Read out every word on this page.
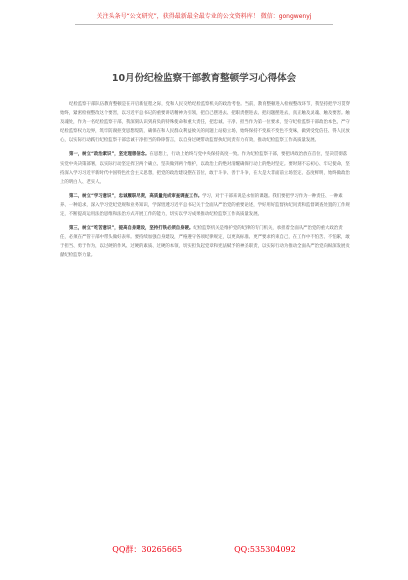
关注头条号“公文研究”，获得最新最全最专业的公文资料库！ 微信：gongwenyj
10月份纪检监察干部教育整顿学习心得体会

纪检监察干部队伍教育整顿是在开启新征程之际，党和人民交给纪检监察机关的政治考卷。当前，教育整顿进入检视整改环节，我坚持把学习贯穿始终，紧密检视整改这个要害，以习近平总书记的重要讲话精神为引领，把自己摆进去、把职责摆进去、把问题摆进去，真正触及灵魂、触及要害。触及魂处，作为一名纪检监察干部，我深刻认识到肩负的特殊使命和重大责任，把忠诚、干净、担当作为第一位要求，坚守纪检监察干部政治本色，严守纪检监察权力边界，筑牢防腐拒变思想堤防，确保在和人民群众利益攸关的问题上站稳立场，始终保持不变质不变色不变味，做到受党信任、得人民放心，以实际行动践行纪检监察干部忠诚干净担当的铮铮誓言，以自身过硬带动监督执纪问责有力有效，推动纪检监察工作高质量发展。

第一，树立“政治素识”，坚定理想信念。在思想上，行动上始终与党中央保持高度一致。作为纪检监察干部，要把讲政治放在首位，坚决贯彻落实党中央决策部署，以实际行动坚定捍卫两个确立、坚决做到两个维护，以政治上的绝对清醒确保行动上的绝对坚定。要时刻不忘初心、牢记使命，坚持深入学习习近平新时代中国特色社会主义思想，把党的政治建设摆在首位，敢于斗争、善于斗争，在大是大非面前立场坚定、态度鲜明，始终做政治上的明白人、老实人。

第二，树立“学习意识”，忠诚履职尽责，高质量完成审查调查工作。学习，对于干部来说是永恒的课题。我们要把学习作为一种责任、一种素养、一种追求，深入学习党纪党规和业务知识，学深悟透习近平总书记关于全面从严治党的重要论述，学好用好监督执纪问责和监督调查处置的工作规定，不断提高运用法治思维和法治方式开展工作的能力，切实以学习成果推动纪检监察工作高质量发展。

第三，树立“吃苦意识”，提高自身建设，坚持打铁必须自身硬。纪检监察机关是维护党的纪律的专门机关，承担着全面从严治党的重大政治责任，必须在严管干部中带头做好表率。要持续加强自身建设，严格遵守各项纪律规定，以更高标准、更严要求约束自己，在工作中不怕苦、不怕累，敢于担当、勇于作为，以过硬的作风、过硬的素质、过硬的本领，切实担负起党章和宪法赋予的神圣职责，以实际行动为推动全面从严治党向纵深发展贡献纪检监察力量。

QQ群：30265665	QQ:535304092
